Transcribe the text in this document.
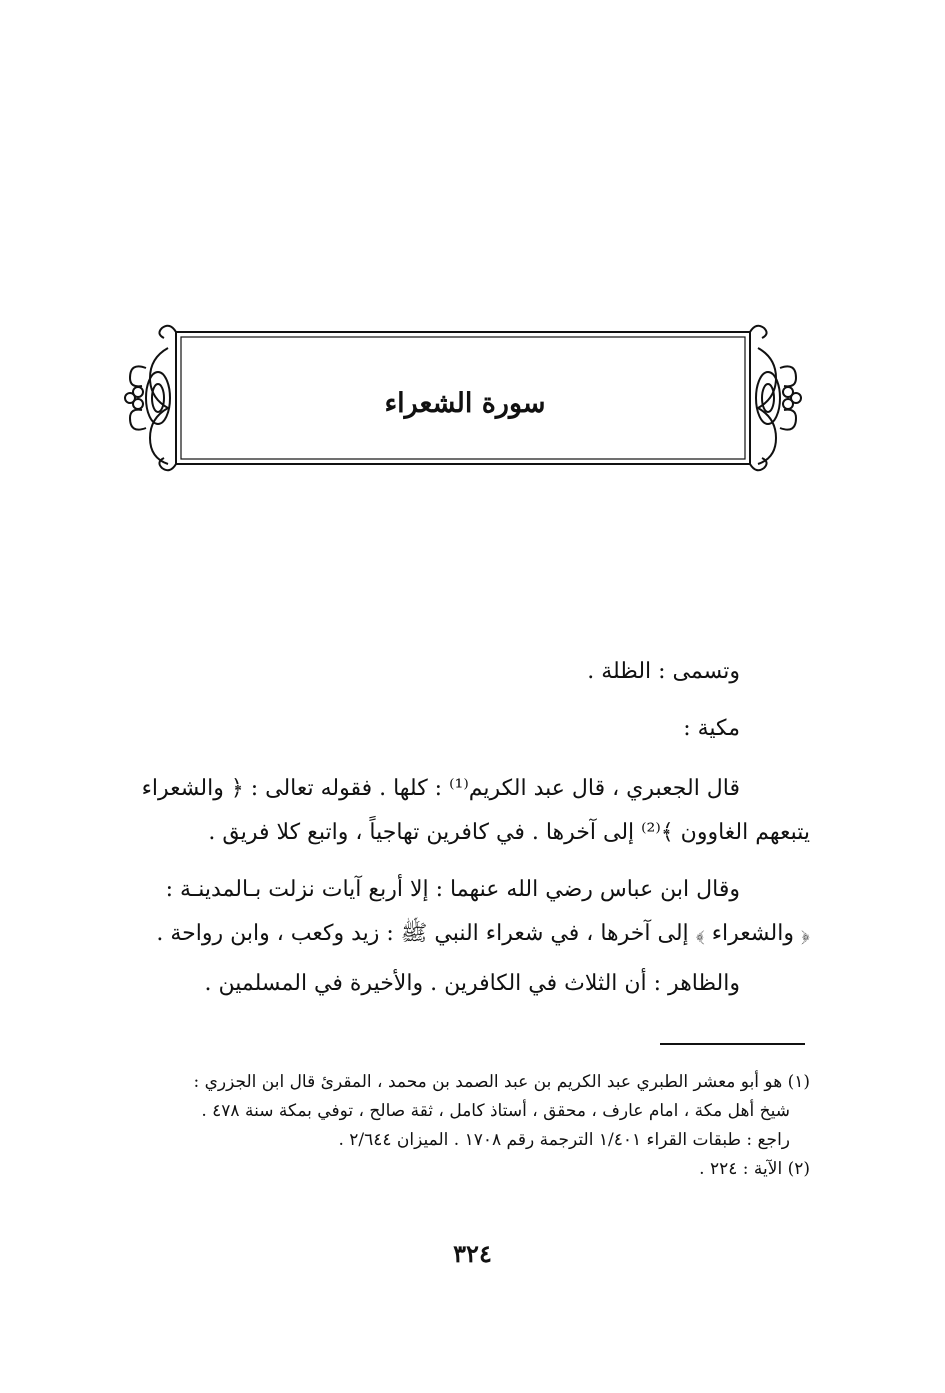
سورة الشعراء
وتسمى : الظلة .
مكية :
قال الجعبري ، قال عبد الكريم⁽¹⁾ : كلها . فقوله تعالى : ﴿ والشعراء
يتبعهم الغاوون ﴾⁽²⁾ إلى آخرها . في كافرين تهاجياً ، واتبع كلا فريق .
وقال ابن عباس رضي الله عنهما : إلا أربع آيات نزلت بـالمدينـة :
﴿ والشعراء ﴾ إلى آخرها ، في شعراء النبي ﷺ : زيد وكعب ، وابن رواحة .
والظاهر : أن الثلاث في الكافرين . والأخيرة في المسلمين .
(١) هو أبو معشر الطبري عبد الكريم بن عبد الصمد بن محمد ، المقرئ قال ابن الجزري :
شيخ أهل مكة ، امام عارف ، محقق ، أستاذ كامل ، ثقة صالح ، توفي بمكة سنة ٤٧٨ .
راجع : طبقات القراء ١/٤٠١ الترجمة رقم ١٧٠٨ . الميزان ٢/٦٤٤ .
(٢) الآية : ٢٢٤ .
٣٢٤
